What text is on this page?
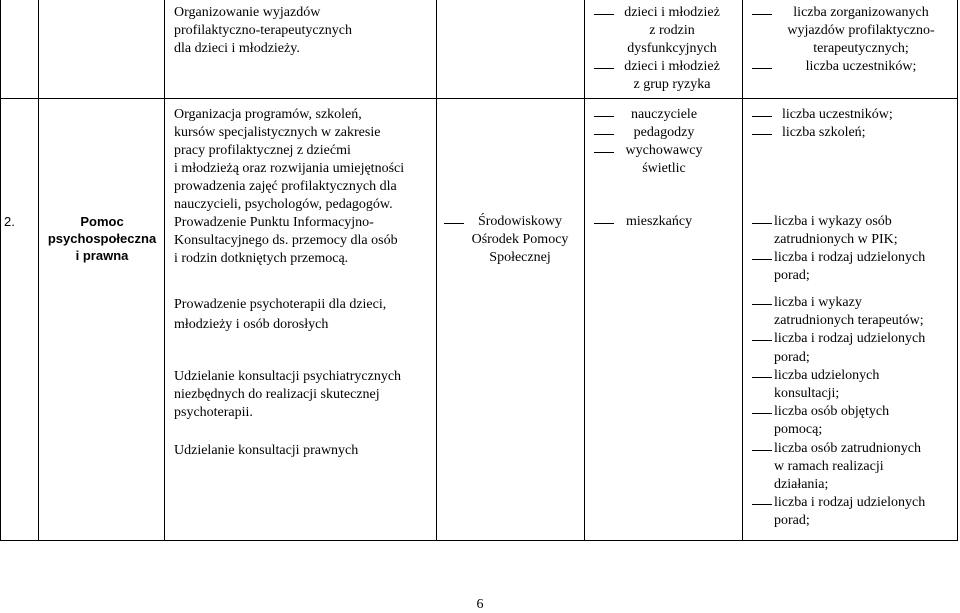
Organizowanie wyjazdów
profilaktyczno-terapeutycznych
dla dzieci i młodzieży.
dzieci i młodzież
z rodzin
dysfunkcyjnych
dzieci i młodzież
z grup ryzyka
liczba zorganizowanych
wyjazdów profilaktyczno-
terapeutycznych;
liczba uczestników;
2.	Pomoc
psychospołeczna
i prawna
Organizacja programów, szkoleń,
kursów specjalistycznych w zakresie
pracy profilaktycznej z dziećmi
i młodzieżą oraz rozwijania umiejętności
prowadzenia zajęć profilaktycznych dla
nauczycieli, psychologów, pedagogów.
Prowadzenie Punktu Informacyjno-
Konsultacyjnego ds. przemocy dla osób
i rodzin dotkniętych przemocą.
Prowadzenie psychoterapii dla dzieci,
młodzieży i osób dorosłych
Udzielanie konsultacji psychiatrycznych
niezbędnych do realizacji skutecznej
psychoterapii.
Udzielanie konsultacji prawnych
Środowiskowy
Ośrodek Pomocy
Społecznej
nauczyciele
pedagodzy
wychowawcy
świetlic
mieszkańcy
liczba uczestników;
liczba szkoleń;
liczba i wykazy osób
zatrudnionych w PIK;
liczba i rodzaj udzielonych
porad;
liczba i wykazy
zatrudnionych terapeutów;
liczba i rodzaj udzielonych
porad;
liczba udzielonych
konsultacji;
liczba osób objętych
pomocą;
liczba osób zatrudnionych
w ramach realizacji
działania;
liczba i rodzaj udzielonych
porad;
6
